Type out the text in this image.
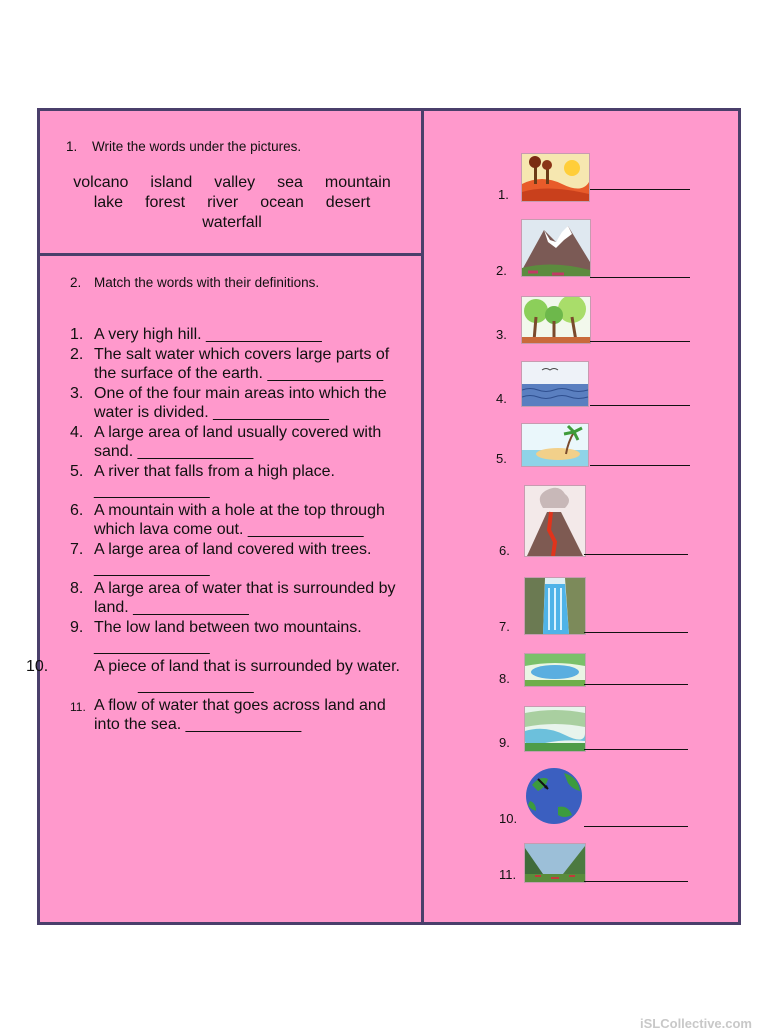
1. Write the words under the pictures.
volcano island valley sea mountain
lake forest river ocean desert
waterfall
2. Match the words with their definitions.
1. A very high hill. _____________
2. The salt water which covers large parts of the surface of the earth. _____________
3. One of the four main areas into which the water is divided. _____________
4. A large area of land usually covered with sand. _____________
5. A river that falls from a high place. _____________
6. A mountain with a hole at the top through which lava come out. _____________
7. A large area of land covered with trees. _____________
8. A large area of water that is surrounded by land. _____________
9. The low land between two mountains. _____________
10.	A piece of land that is surrounded by water. _____________
11. A flow of water that goes across land and into the sea. _____________
1.
2.
3.
4.
5.
6.
7.
8.
9.
10.
11.
iSLCollective.com
